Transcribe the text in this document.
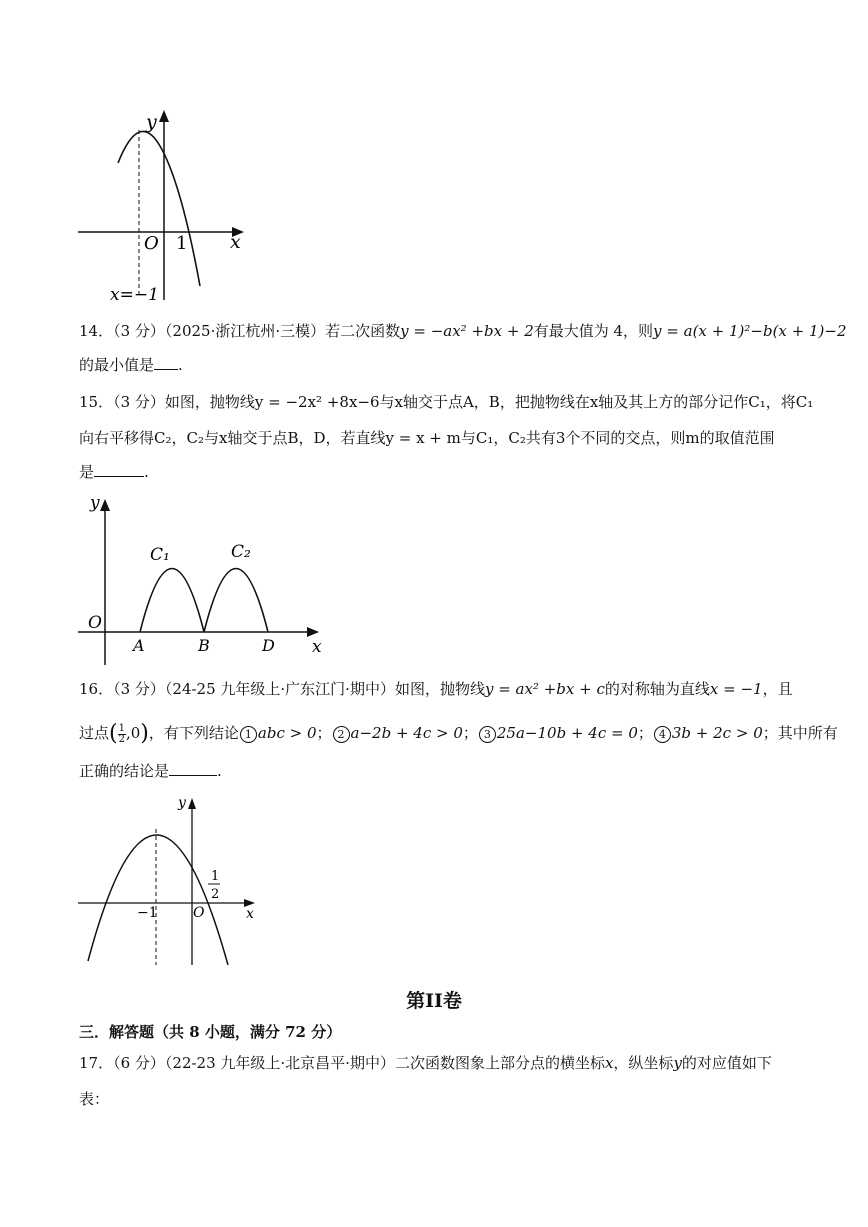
y
x
O 1
x=−1
14．（3 分）（2025·浙江杭州·三模）若二次函数y = −ax² +bx + 2有最大值为 4，则y = a(x + 1)²−b(x + 1)−2
的最小值是 .
15．（3 分）如图，抛物线y = −2x² +8x−6与x轴交于点A，B，把抛物线在x轴及其上方的部分记作C₁，将C₁
向右平移得C₂，C₂与x轴交于点B，D，若直线y = x + m与C₁，C₂共有3个不同的交点，则m的取值范围
是	.
y
x
O
A	B	D
C₁	C₂
16．（3 分）（24-25 九年级上·广东江门·期中）如图，抛物线y = ax² +bx + c的对称轴为直线x = −1，且
过点( $\frac{1}{2} ,0$)，有下列结论 1 abc > 0； 2 a−2b + 4c > 0； 3 25a−10b + 4c = 0； 4 3b + 2c > 0；其中所有
正确的结论是	.
y
x
O
−1
1
2
第II卷
三．解答题（共 8 小题，满分 72 分）
17．（6 分）（22-23 九年级上·北京昌平·期中）二次函数图象上部分点的横坐标x，纵坐标y的对应值如下
表：
